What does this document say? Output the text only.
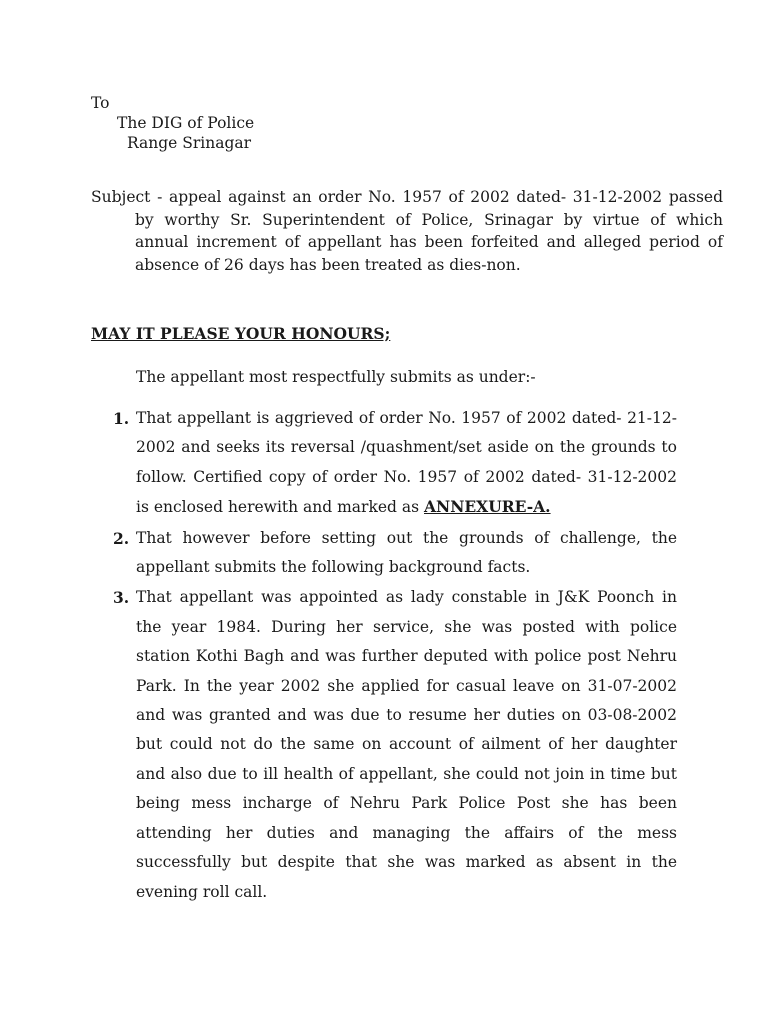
To
The DIG of Police
Range Srinagar
Subject - appeal against an order No. 1957 of 2002 dated- 31-12-2002 passed by worthy Sr. Superintendent of Police, Srinagar by virtue of which annual increment of appellant has been forfeited and alleged period of absence of 26 days has been treated as dies-non.
MAY IT PLEASE YOUR HONOURS;
The appellant most respectfully submits as under:-
1. That appellant is aggrieved of order No. 1957 of 2002 dated- 21-12-2002 and seeks its reversal /quashment/set aside on the grounds to follow. Certified copy of order No. 1957 of 2002 dated- 31-12-2002 is enclosed herewith and marked as ANNEXURE-A.
2. That however before setting out the grounds of challenge, the appellant submits the following background facts.
3. That appellant was appointed as lady constable in J&K Poonch in the year 1984. During her service, she was posted with police station Kothi Bagh and was further deputed with police post Nehru Park. In the year 2002 she applied for casual leave on 31-07-2002 and was granted and was due to resume her duties on 03-08-2002 but could not do the same on account of ailment of her daughter and also due to ill health of appellant, she could not join in time but being mess incharge of Nehru Park Police Post she has been attending her duties and managing the affairs of the mess successfully but despite that she was marked as absent in the evening roll call.
